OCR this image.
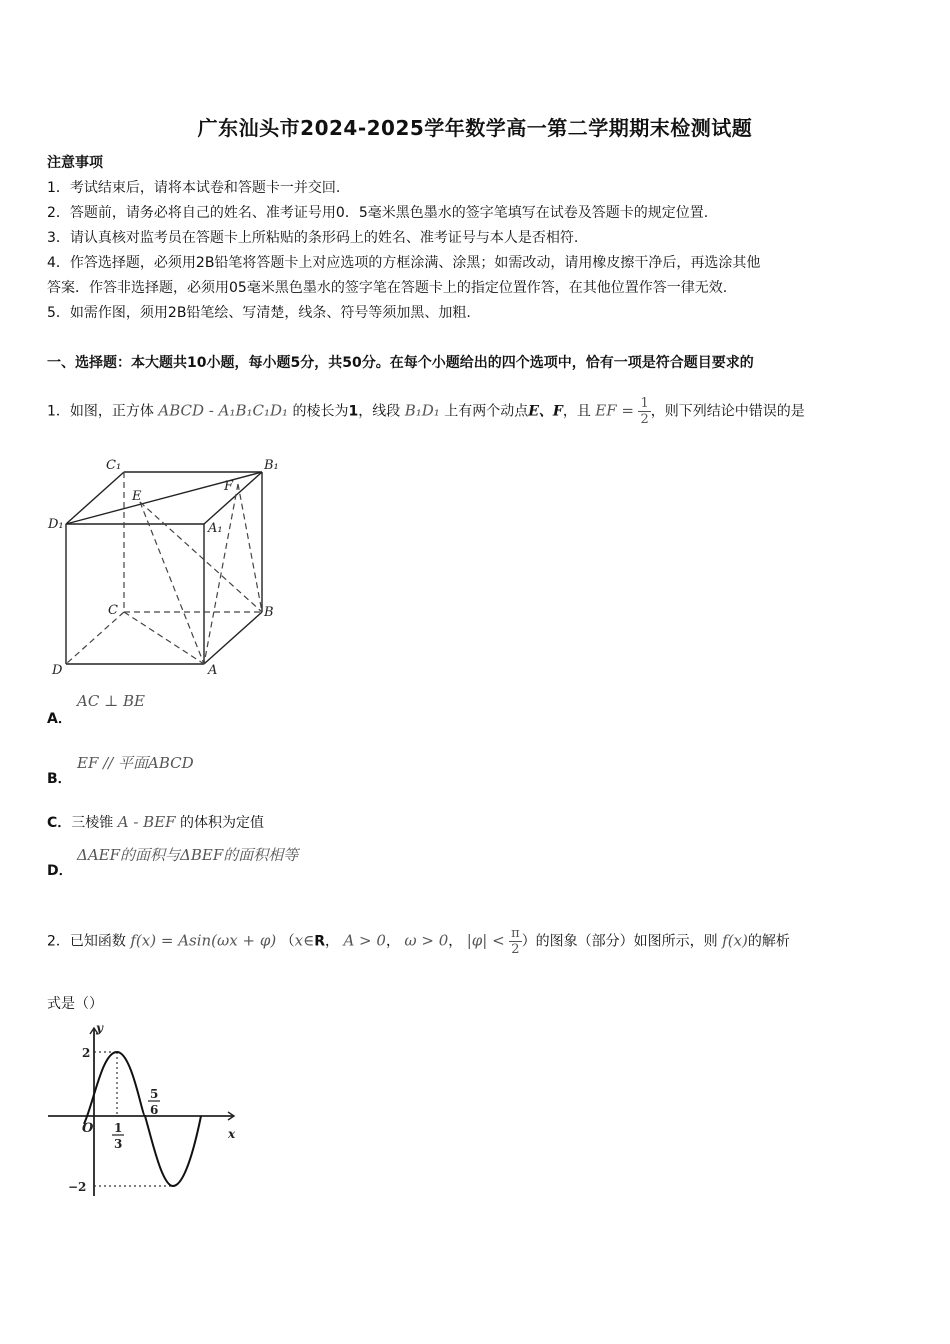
广东汕头市2024-2025学年数学高一第二学期期末检测试题
注意事项
1．考试结束后，请将本试卷和答题卡一并交回.
2．答题前，请务必将自己的姓名、准考证号用0．5毫米黑色墨水的签字笔填写在试卷及答题卡的规定位置.
3．请认真核对监考员在答题卡上所粘贴的条形码上的姓名、准考证号与本人是否相符.
4．作答选择题，必须用2B铅笔将答题卡上对应选项的方框涂满、涂黑；如需改动，请用橡皮擦干净后，再选涂其他
答案．作答非选择题，必须用05毫米黑色墨水的签字笔在答题卡上的指定位置作答，在其他位置作答一律无效.
5．如需作图，须用2B铅笔绘、写清楚，线条、符号等须加黑、加粗.
一、选择题：本大题共10小题，每小题5分，共50分。在每个小题给出的四个选项中，恰有一项是符合题目要求的
1．如图，正方体 ABCD - A₁B₁C₁D₁ 的棱长为1，线段 B₁D₁ 上有两个动点E、F，且 EF = $\frac{1}{2}$ ，则下列结论中错误的是
C₁	B₁
D₁	A₁
E
F
C	B
D	A
AC ⊥ BE
A．
EF // 平面ABCD
B．
C．三棱锥 A - BEF 的体积为定值
ΔAEF的面积与ΔBEF的面积相等
D．
2．已知函数 f(x) = Asin(ωx + φ) （x∈R， A > 0， ω > 0， $|\varphi| < \frac{\pi}{2}$ ）的图象（部分）如图所示，则 f(x)的解析
式是（）
y
x
O
2
−2
1
3
5
6
